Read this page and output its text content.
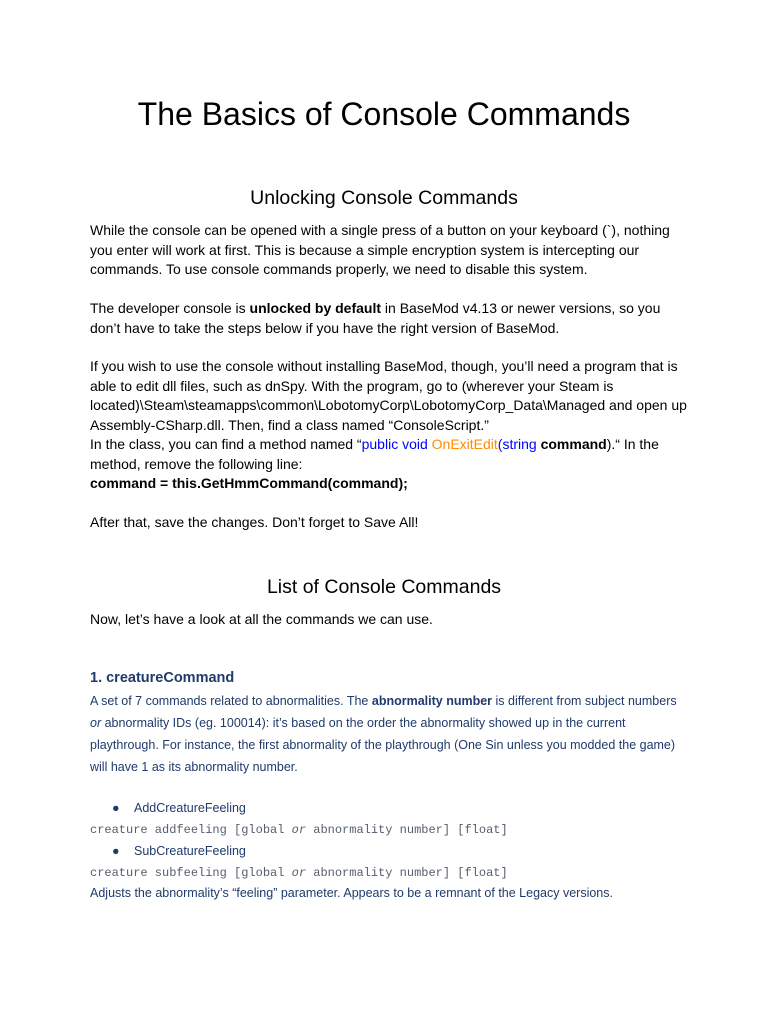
The Basics of Console Commands
Unlocking Console Commands

While the console can be opened with a single press of a button on your keyboard (`), nothing you enter will work at first. This is because a simple encryption system is intercepting our commands. To use console commands properly, we need to disable this system.

The developer console is unlocked by default in BaseMod v4.13 or newer versions, so you don’t have to take the steps below if you have the right version of BaseMod.

If you wish to use the console without installing BaseMod, though, you’ll need a program that is able to edit dll files, such as dnSpy. With the program, go to (wherever your Steam is located)\Steam\steamapps\common\LobotomyCorp\LobotomyCorp_Data\Managed and open up Assembly-CSharp.dll. Then, find a class named “ConsoleScript.”

In the class, you can find a method named “public void OnExitEdit(string command).“ In the method, remove the following line:

command = this.GetHmmCommand(command);

After that, save the changes. Don’t forget to Save All!

List of Console Commands

Now, let’s have a look at all the commands we can use.

1. creatureCommand

A set of 7 commands related to abnormalities. The abnormality number is different from subject numbers or abnormality IDs (eg. 100014): it’s based on the order the abnormality showed up in the current playthrough. For instance, the first abnormality of the playthrough (One Sin unless you modded the game) will have 1 as its abnormality number.

● AddCreatureFeeling

creature addfeeling [global or abnormality number] [float]

● SubCreatureFeeling

creature subfeeling [global or abnormality number] [float]

Adjusts the abnormality’s “feeling” parameter. Appears to be a remnant of the Legacy versions.
